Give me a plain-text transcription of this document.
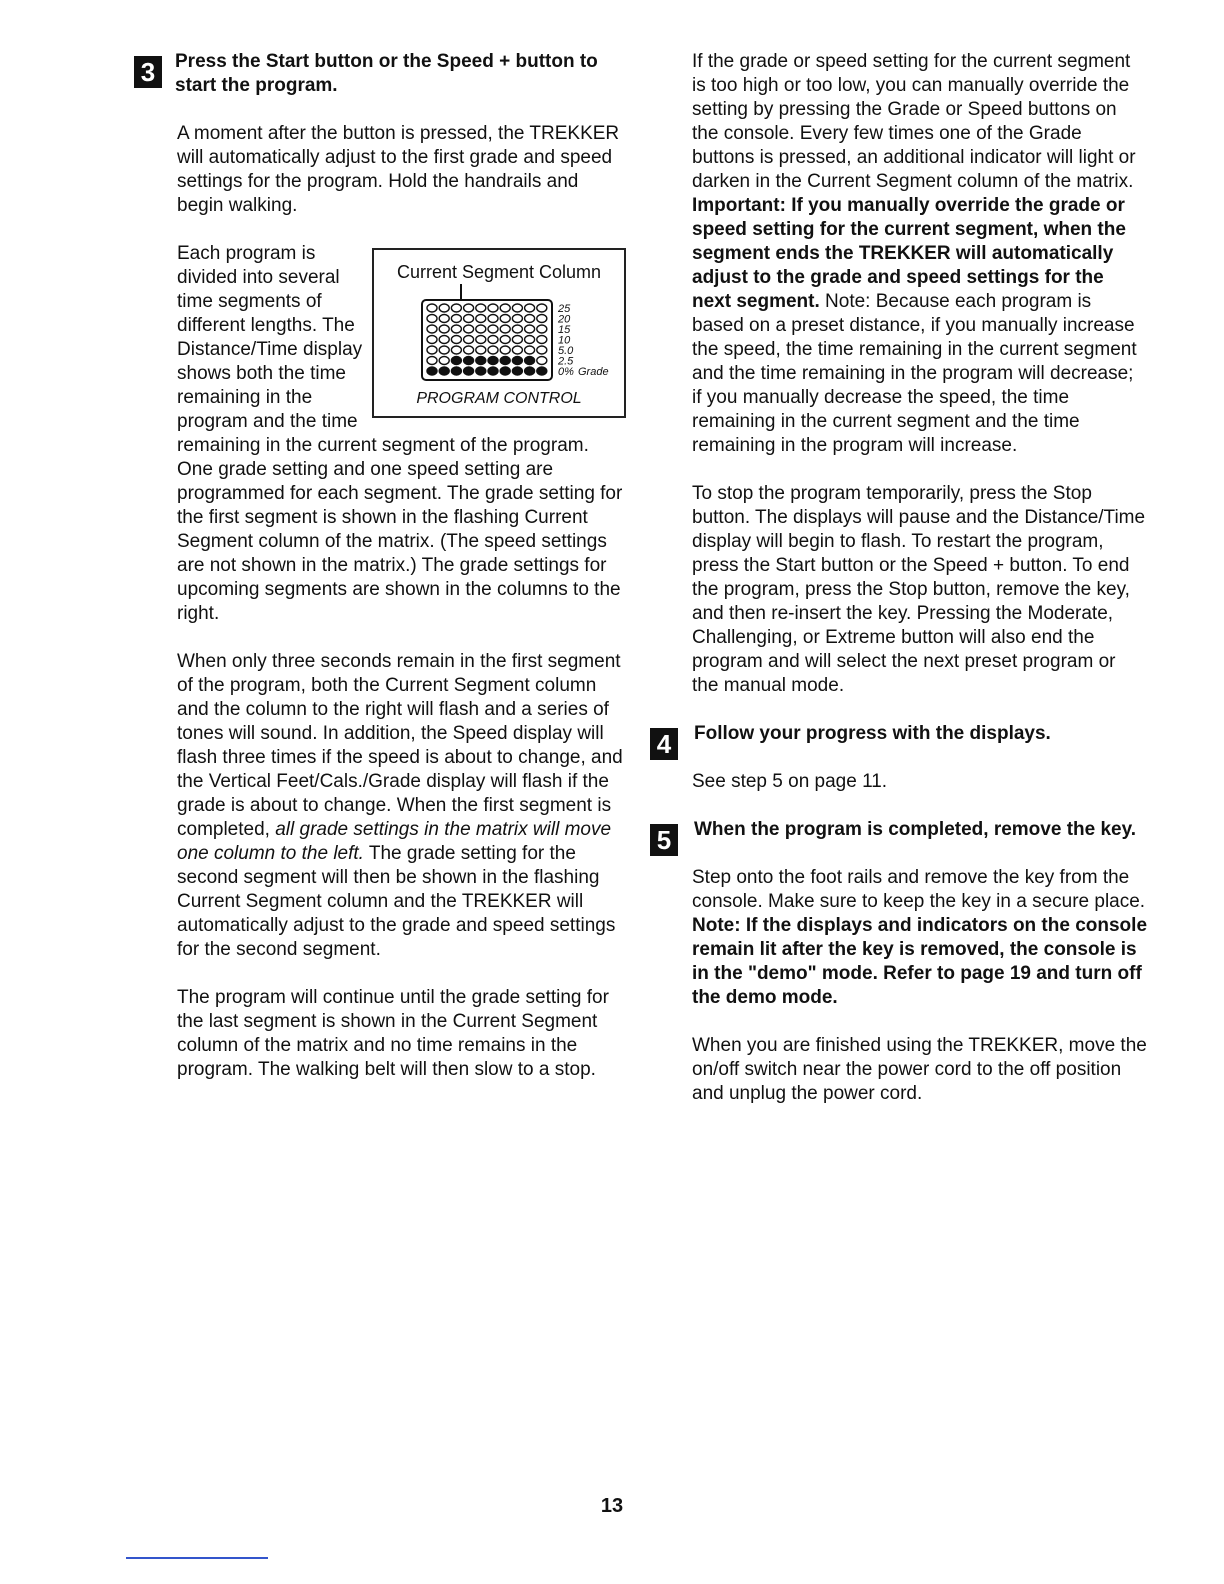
3	Press the Start button or the Speed + button to start the program.

A moment after the button is pressed, the TREKKER will automatically adjust to the first grade and speed settings for the program. Hold the handrails and begin walking.

Current Segment Column
25
20
15
10
5.0
2.5
0% Grade
PROGRAM CONTROL
Each program is divided into several time segments of different lengths. The Distance/Time display shows both the time remaining in the program and the time remaining in the current segment of the program. One grade setting and one speed setting are programmed for each segment. The grade setting for the first segment is shown in the flashing Current Segment column of the matrix. (The speed settings are not shown in the matrix.) The grade settings for upcoming segments are shown in the columns to the right.

When only three seconds remain in the first segment of the program, both the Current Segment column and the column to the right will flash and a series of tones will sound. In addition, the Speed display will flash three times if the speed is about to change, and the Vertical Feet/Cals./Grade display will flash if the grade is about to change. When the first segment is completed, all grade settings in the matrix will move one column to the left. The grade setting for the second segment will then be shown in the flashing Current Segment column and the TREKKER will automatically adjust to the grade and speed settings for the second segment.

The program will continue until the grade setting for the last segment is shown in the Current Segment column of the matrix and no time remains in the program. The walking belt will then slow to a stop.

If the grade or speed setting for the current segment is too high or too low, you can manually override the setting by pressing the Grade or Speed buttons on the console. Every few times one of the Grade buttons is pressed, an additional indicator will light or darken in the Current Segment column of the matrix. Important: If you manually override the grade or speed setting for the current segment, when the segment ends the TREKKER will automatically adjust to the grade and speed settings for the next segment. Note: Because each program is based on a preset distance, if you manually increase the speed, the time remaining in the current segment and the time remaining in the program will decrease; if you manually decrease the speed, the time remaining in the current segment and the time remaining in the program will increase.

To stop the program temporarily, press the Stop button. The displays will pause and the Distance/Time display will begin to flash. To restart the program, press the Start button or the Speed + button. To end the program, press the Stop button, remove the key, and then re-insert the key. Pressing the Moderate, Challenging, or Extreme button will also end the program and will select the next preset program or the manual mode.

4	Follow your progress with the displays.

See step 5 on page 11.

5	When the program is completed, remove the key.

Step onto the foot rails and remove the key from the console. Make sure to keep the key in a secure place. Note: If the displays and indicators on the console remain lit after the key is removed, the console is in the "demo" mode. Refer to page 19 and turn off the demo mode.

When you are finished using the TREKKER, move the on/off switch near the power cord to the off position and unplug the power cord.

13
